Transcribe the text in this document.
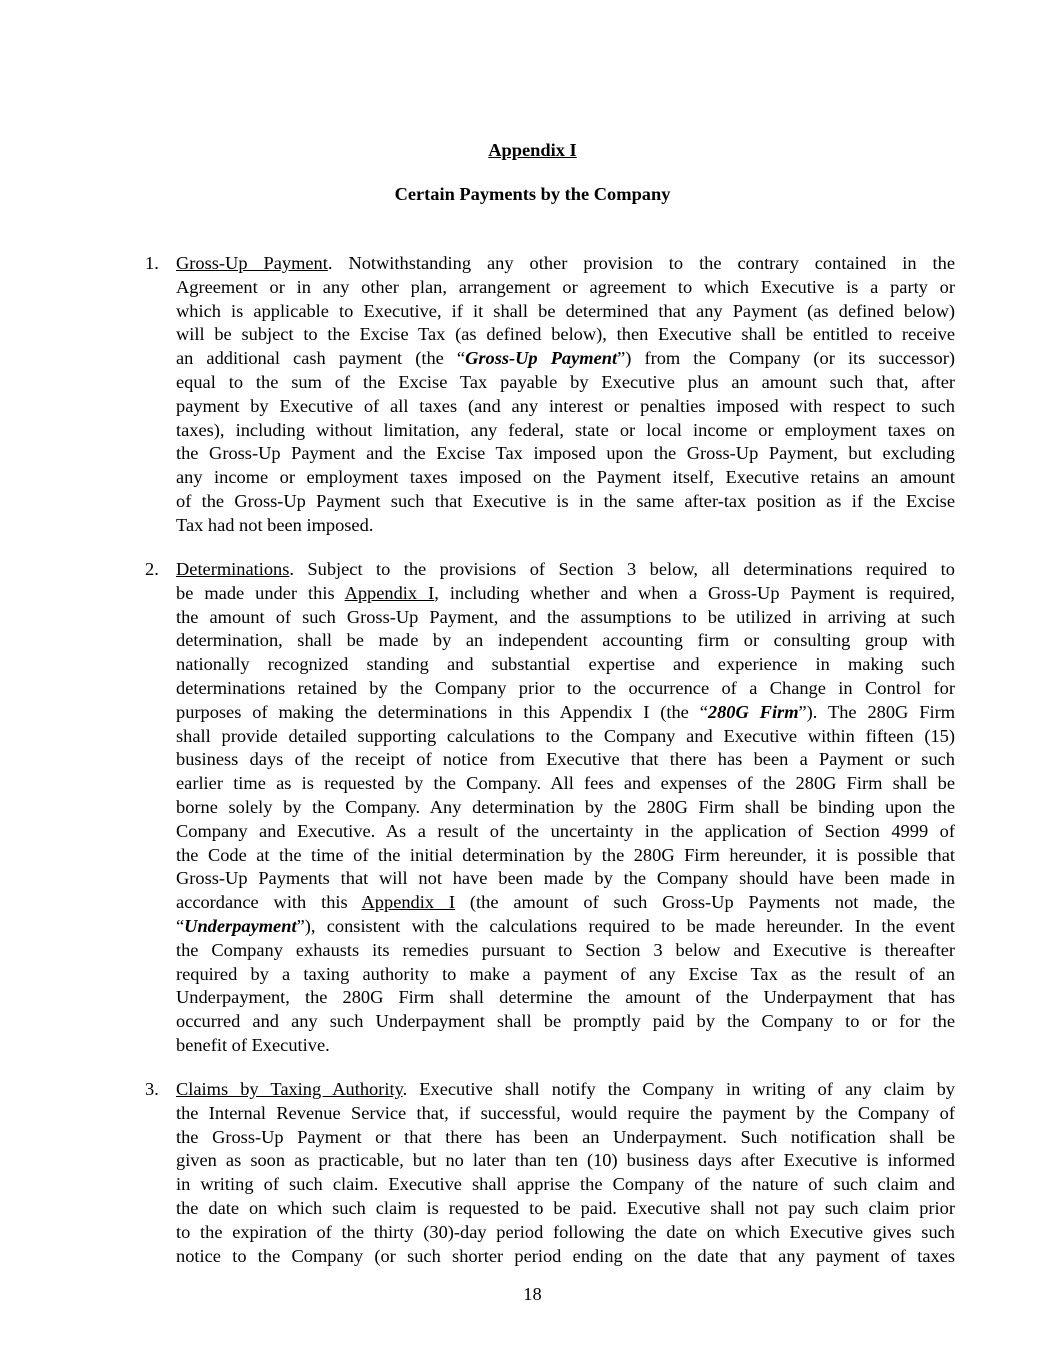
Appendix I
Certain Payments by the Company
1. Gross-Up Payment. Notwithstanding any other provision to the contrary contained in the
Agreement or in any other plan, arrangement or agreement to which Executive is a party or
which is applicable to Executive, if it shall be determined that any Payment (as defined below)
will be subject to the Excise Tax (as defined below), then Executive shall be entitled to receive
an additional cash payment (the “Gross-Up Payment”) from the Company (or its successor)
equal to the sum of the Excise Tax payable by Executive plus an amount such that, after
payment by Executive of all taxes (and any interest or penalties imposed with respect to such
taxes), including without limitation, any federal, state or local income or employment taxes on
the Gross-Up Payment and the Excise Tax imposed upon the Gross-Up Payment, but excluding
any income or employment taxes imposed on the Payment itself, Executive retains an amount
of the Gross-Up Payment such that Executive is in the same after-tax position as if the Excise
Tax had not been imposed.
2. Determinations. Subject to the provisions of Section 3 below, all determinations required to
be made under this Appendix I, including whether and when a Gross-Up Payment is required,
the amount of such Gross-Up Payment, and the assumptions to be utilized in arriving at such
determination, shall be made by an independent accounting firm or consulting group with
nationally recognized standing and substantial expertise and experience in making such
determinations retained by the Company prior to the occurrence of a Change in Control for
purposes of making the determinations in this Appendix I (the “280G Firm”). The 280G Firm
shall provide detailed supporting calculations to the Company and Executive within fifteen (15)
business days of the receipt of notice from Executive that there has been a Payment or such
earlier time as is requested by the Company. All fees and expenses of the 280G Firm shall be
borne solely by the Company. Any determination by the 280G Firm shall be binding upon the
Company and Executive. As a result of the uncertainty in the application of Section 4999 of
the Code at the time of the initial determination by the 280G Firm hereunder, it is possible that
Gross-Up Payments that will not have been made by the Company should have been made in
accordance with this Appendix I (the amount of such Gross-Up Payments not made, the
“Underpayment”), consistent with the calculations required to be made hereunder. In the event
the Company exhausts its remedies pursuant to Section 3 below and Executive is thereafter
required by a taxing authority to make a payment of any Excise Tax as the result of an
Underpayment, the 280G Firm shall determine the amount of the Underpayment that has
occurred and any such Underpayment shall be promptly paid by the Company to or for the
benefit of Executive.
3. Claims by Taxing Authority. Executive shall notify the Company in writing of any claim by
the Internal Revenue Service that, if successful, would require the payment by the Company of
the Gross-Up Payment or that there has been an Underpayment. Such notification shall be
given as soon as practicable, but no later than ten (10) business days after Executive is informed
in writing of such claim. Executive shall apprise the Company of the nature of such claim and
the date on which such claim is requested to be paid. Executive shall not pay such claim prior
to the expiration of the thirty (30)-day period following the date on which Executive gives such
notice to the Company (or such shorter period ending on the date that any payment of taxes
18
